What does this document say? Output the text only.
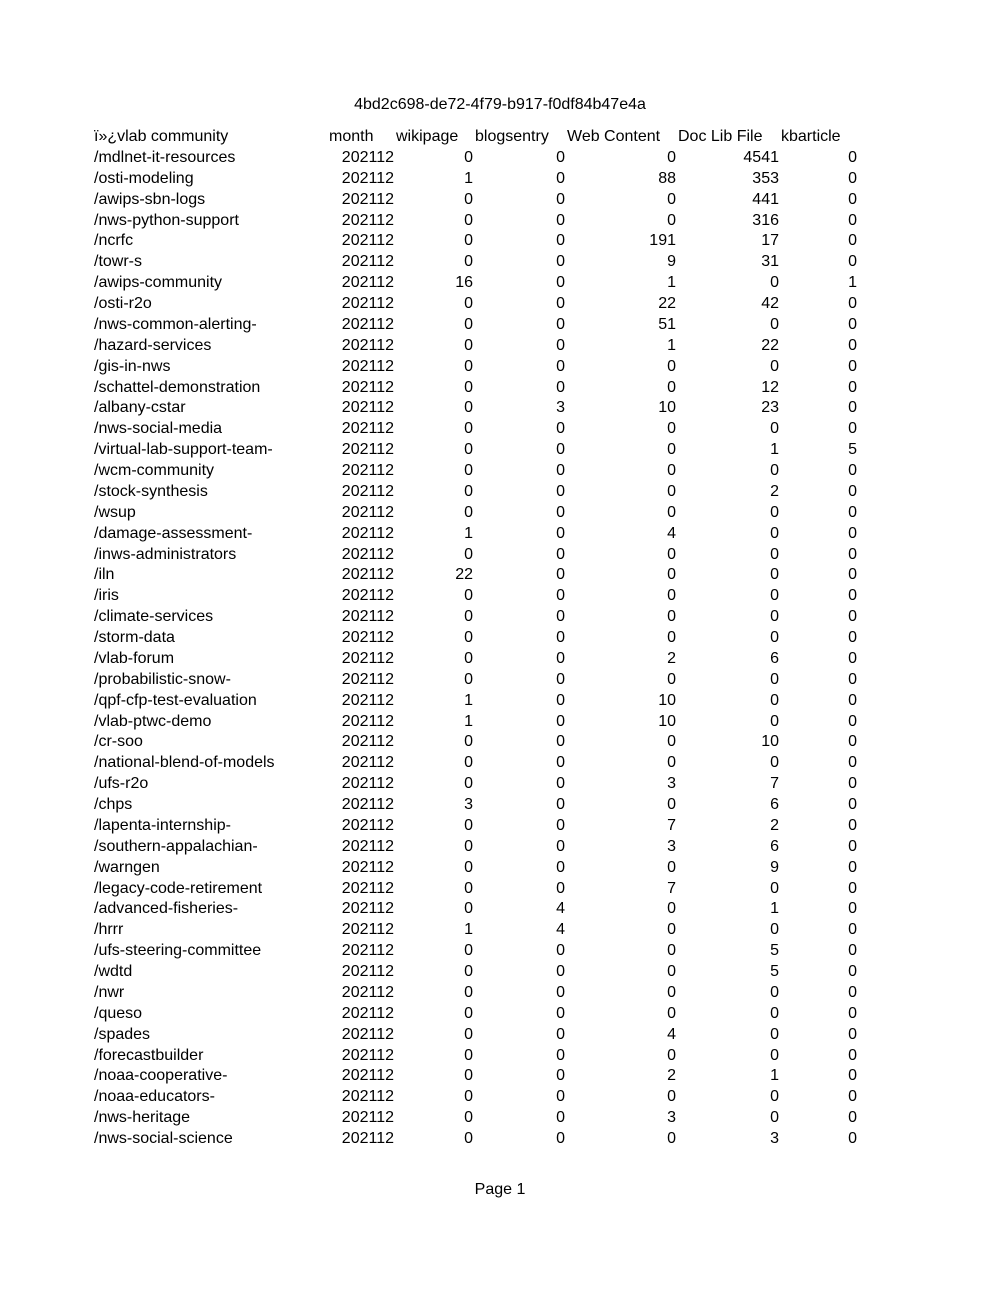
4bd2c698-de72-4f79-b917-f0df84b47e4a
ï»¿vlab community	month	wikipage	blogsentry	Web Content	Doc Lib File	kbarticle
/mdlnet-it-resources	202112	0	0	0	4541	0
/osti-modeling	202112	1	0	88	353	0
/awips-sbn-logs	202112	0	0	0	441	0
/nws-python-support	202112	0	0	0	316	0
/ncrfc	202112	0	0	191	17	0
/towr-s	202112	0	0	9	31	0
/awips-community	202112	16	0	1	0	1
/osti-r2o	202112	0	0	22	42	0
/nws-common-alerting-	202112	0	0	51	0	0
/hazard-services	202112	0	0	1	22	0
/gis-in-nws	202112	0	0	0	0	0
/schattel-demonstration	202112	0	0	0	12	0
/albany-cstar	202112	0	3	10	23	0
/nws-social-media	202112	0	0	0	0	0
/virtual-lab-support-team-	202112	0	0	0	1	5
/wcm-community	202112	0	0	0	0	0
/stock-synthesis	202112	0	0	0	2	0
/wsup	202112	0	0	0	0	0
/damage-assessment-	202112	1	0	4	0	0
/inws-administrators	202112	0	0	0	0	0
/iln	202112	22	0	0	0	0
/iris	202112	0	0	0	0	0
/climate-services	202112	0	0	0	0	0
/storm-data	202112	0	0	0	0	0
/vlab-forum	202112	0	0	2	6	0
/probabilistic-snow-	202112	0	0	0	0	0
/qpf-cfp-test-evaluation	202112	1	0	10	0	0
/vlab-ptwc-demo	202112	1	0	10	0	0
/cr-soo	202112	0	0	0	10	0
/national-blend-of-models	202112	0	0	0	0	0
/ufs-r2o	202112	0	0	3	7	0
/chps	202112	3	0	0	6	0
/lapenta-internship-	202112	0	0	7	2	0
/southern-appalachian-	202112	0	0	3	6	0
/warngen	202112	0	0	0	9	0
/legacy-code-retirement	202112	0	0	7	0	0
/advanced-fisheries-	202112	0	4	0	1	0
/hrrr	202112	1	4	0	0	0
/ufs-steering-committee	202112	0	0	0	5	0
/wdtd	202112	0	0	0	5	0
/nwr	202112	0	0	0	0	0
/queso	202112	0	0	0	0	0
/spades	202112	0	0	4	0	0
/forecastbuilder	202112	0	0	0	0	0
/noaa-cooperative-	202112	0	0	2	1	0
/noaa-educators-	202112	0	0	0	0	0
/nws-heritage	202112	0	0	3	0	0
/nws-social-science	202112	0	0	0	3	0
Page 1
